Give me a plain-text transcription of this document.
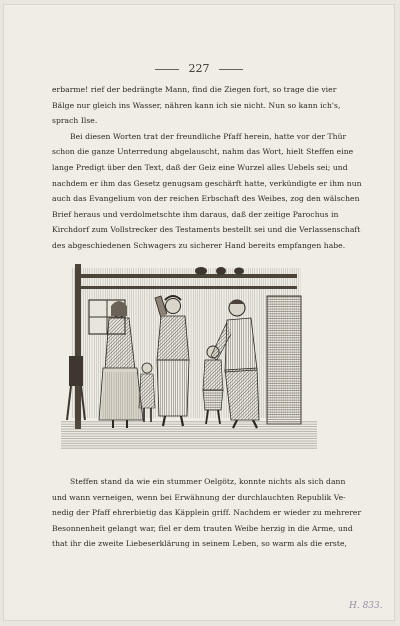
227
erbarme! rief der bedrängte Mann, find die Ziegen fort, so trage die vier
Bälge nur gleich ins Wasser, nähren kann ich sie nicht. Nun so kann ich's,
sprach Ilse.
Bei diesen Worten trat der freundliche Pfaff herein, hatte vor der Thür
schon die ganze Unterredung abgelauscht, nahm das Wort, hielt Steffen eine
lange Predigt über den Text, daß der Geiz eine Wurzel alles Uebels sei; und
nachdem er ihm das Gesetz genugsam geschärft hatte, verkündigte er ihm nun
auch das Evangelium von der reichen Erbschaft des Weibes, zog den wälschen
Brief heraus und verdolmetschte ihm daraus, daß der zeitige Parochus in
Kirchdorf zum Vollstrecker des Testaments bestellt sei und die Verlassenschaft
des abgeschiedenen Schwagers zu sicherer Hand bereits empfangen habe.
Steffen stand da wie ein stummer Oelgötz, konnte nichts als sich dann
und wann verneigen, wenn bei Erwähnung der durchlauchten Republik Ve-
nedig der Pfaff ehrerbietig das Käpplein griff. Nachdem er wieder zu mehrerer
Besonnenheit gelangt war, fiel er dem trauten Weibe herzig in die Arme, und
that ihr die zweite Liebeserklärung in seinem Leben, so warm als die erste,
H. 833.
